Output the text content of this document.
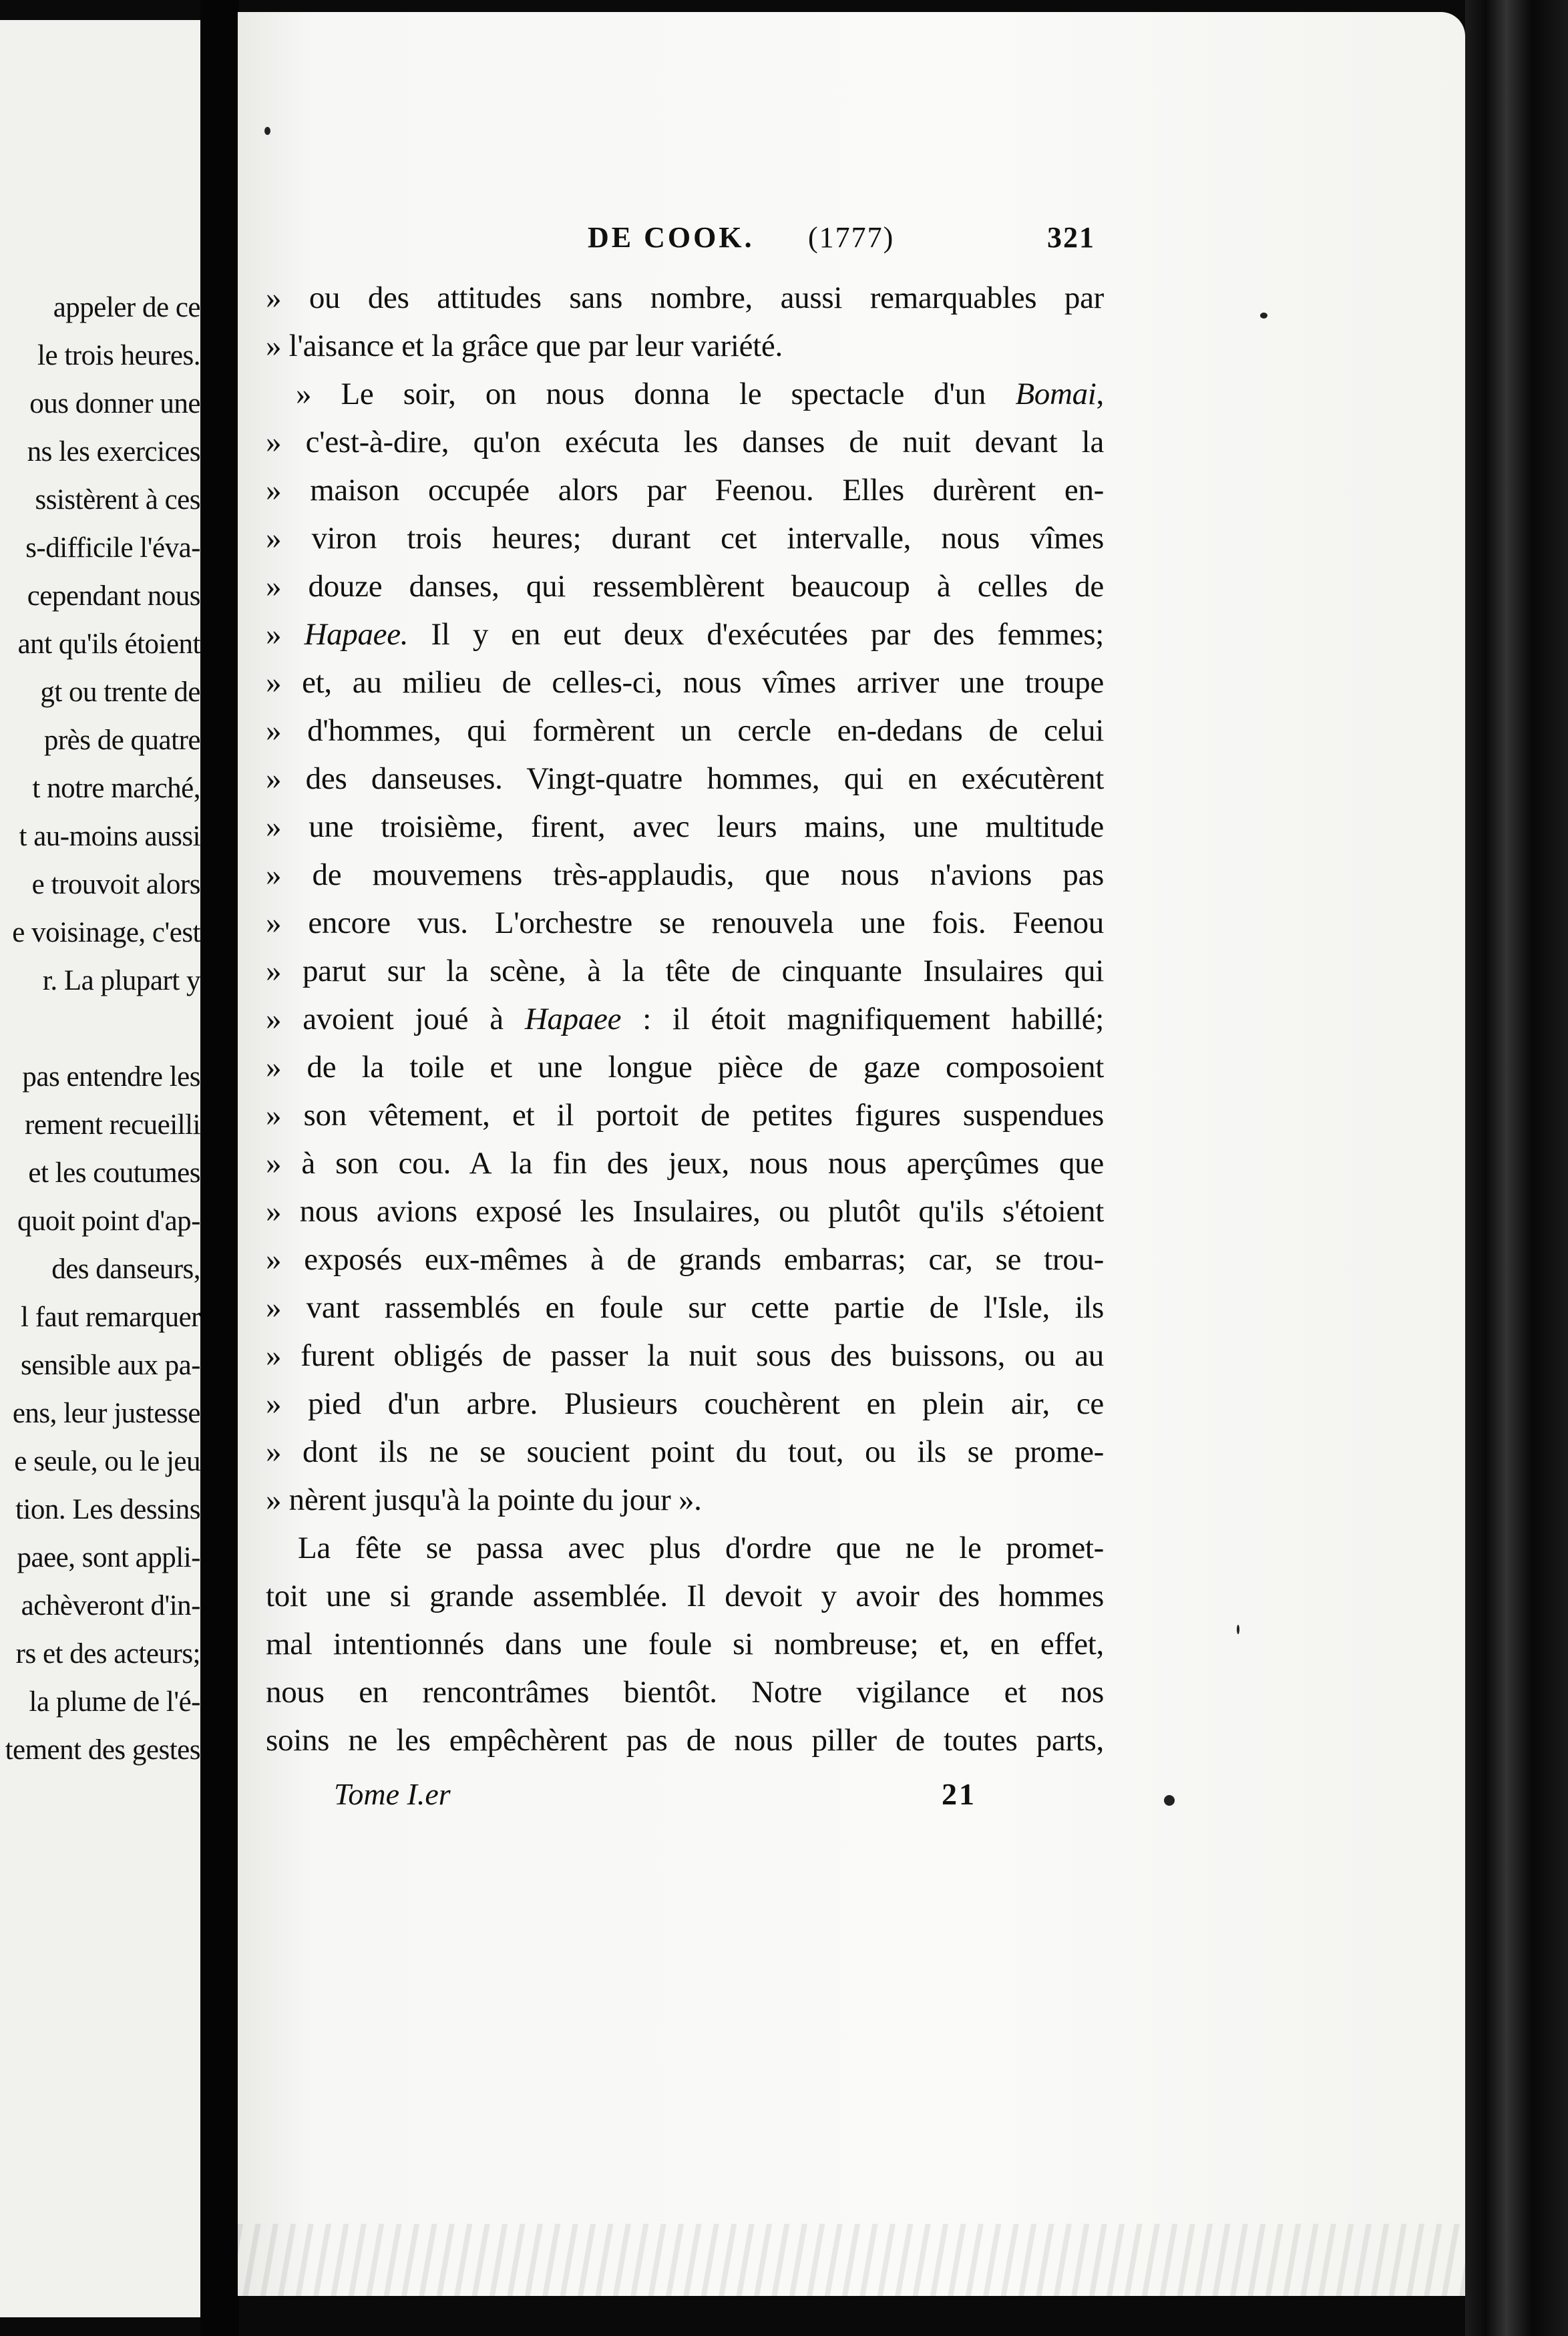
appeler de ce
le trois heures.
ous donner une
ns les exercices
ssistèrent à ces
s-difficile l'éva-
cependant nous
ant qu'ils étoient
gt ou trente de
près de quatre
t notre marché,
t au-moins aussi
e trouvoit alors
e voisinage, c'est
r. La plupart y
pas entendre les
rement recueilli
et les coutumes
quoit point d'ap-
des danseurs,
l faut remarquer
sensible aux pa-
ens, leur justesse
e seule, ou le jeu
tion. Les dessins
paee, sont appli-
achèveront d'in-
rs et des acteurs;
la plume de l'é-
tement des gestes
DE COOK. (1777)	321
» ou des attitudes sans nombre, aussi remarquables par
» l'aisance et la grâce que par leur variété.
» Le soir, on nous donna le spectacle d'un Bomai,
» c'est-à-dire, qu'on exécuta les danses de nuit devant la
» maison occupée alors par Feenou. Elles durèrent en-
» viron trois heures; durant cet intervalle, nous vîmes
» douze danses, qui ressemblèrent beaucoup à celles de
» Hapaee. Il y en eut deux d'exécutées par des femmes;
» et, au milieu de celles-ci, nous vîmes arriver une troupe
» d'hommes, qui formèrent un cercle en-dedans de celui
» des danseuses. Vingt-quatre hommes, qui en exécutèrent
» une troisième, firent, avec leurs mains, une multitude
» de mouvemens très-applaudis, que nous n'avions pas
» encore vus. L'orchestre se renouvela une fois. Feenou
» parut sur la scène, à la tête de cinquante Insulaires qui
» avoient joué à Hapaee : il étoit magnifiquement habillé;
» de la toile et une longue pièce de gaze composoient
» son vêtement, et il portoit de petites figures suspendues
» à son cou. A la fin des jeux, nous nous aperçûmes que
» nous avions exposé les Insulaires, ou plutôt qu'ils s'étoient
» exposés eux-mêmes à de grands embarras; car, se trou-
» vant rassemblés en foule sur cette partie de l'Isle, ils
» furent obligés de passer la nuit sous des buissons, ou au
» pied d'un arbre. Plusieurs couchèrent en plein air, ce
» dont ils ne se soucient point du tout, ou ils se prome-
» nèrent jusqu'à la pointe du jour ».
La fête se passa avec plus d'ordre que ne le promet-
toit une si grande assemblée. Il devoit y avoir des hommes
mal intentionnés dans une foule si nombreuse; et, en effet,
nous en rencontrâmes bientôt. Notre vigilance et nos
soins ne les empêchèrent pas de nous piller de toutes parts,
Tome I.er	21
